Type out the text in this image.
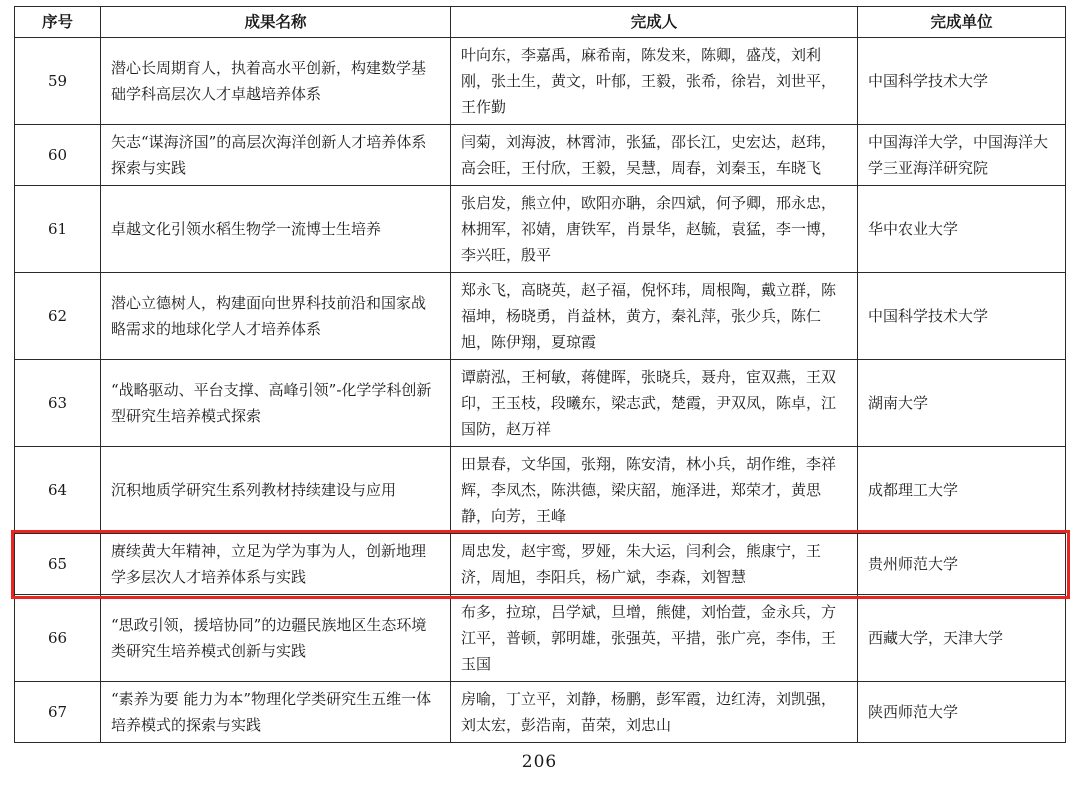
序号	成果名称	完成人	完成单位
59	潜心长周期育人，执着高水平创新，构建数学基础学科高层次人才卓越培养体系	叶向东，李嘉禹，麻希南，陈发来，陈卿，盛茂，刘利刚，张土生，黄文，叶郁，王毅，张希，徐岩，刘世平，王作勤	中国科学技术大学
60	矢志“谋海济国”的高层次海洋创新人才培养体系探索与实践	闫菊，刘海波，林霄沛，张猛，邵长江，史宏达，赵玮，高会旺，王付欣，王毅，吴慧，周春，刘秦玉，车晓飞	中国海洋大学，中国海洋大学三亚海洋研究院
61	卓越文化引领水稻生物学一流博士生培养	张启发，熊立仲，欧阳亦聃，余四斌，何予卿，邢永忠，林拥军，祁婧，唐铁军，肖景华，赵毓，袁猛，李一博，李兴旺，殷平	华中农业大学
62	潜心立德树人，构建面向世界科技前沿和国家战略需求的地球化学人才培养体系	郑永飞，高晓英，赵子福，倪怀玮，周根陶，戴立群，陈福坤，杨晓勇，肖益林，黄方，秦礼萍，张少兵，陈仁旭，陈伊翔，夏琼霞	中国科学技术大学
63	“战略驱动、平台支撑、高峰引领”-化学学科创新型研究生培养模式探索	谭蔚泓，王柯敏，蒋健晖，张晓兵，聂舟，宦双燕，王双印，王玉枝，段曦东，梁志武，楚霞，尹双凤，陈卓，江国防，赵万祥	湖南大学
64	沉积地质学研究生系列教材持续建设与应用	田景春，文华国，张翔，陈安清，林小兵，胡作维，李祥辉，李凤杰，陈洪德，梁庆韶，施泽进，郑荣才，黄思静，向芳，王峰	成都理工大学
65	赓续黄大年精神，立足为学为事为人，创新地理学多层次人才培养体系与实践	周忠发，赵宇鸾，罗娅，朱大运，闫利会，熊康宁，王济，周旭，李阳兵，杨广斌，李森，刘智慧	贵州师范大学
66	“思政引领，援培协同”的边疆民族地区生态环境类研究生培养模式创新与实践	布多，拉琼，吕学斌，旦增，熊健，刘怡萱，金永兵，方江平，普顿，郭明雄，张强英，平措，张广亮，李伟，王玉国	西藏大学，天津大学
67	“素养为要 能力为本”物理化学类研究生五维一体培养模式的探索与实践	房喻，丁立平，刘静，杨鹏，彭军霞，边红涛，刘凯强，刘太宏，彭浩南，苗荣，刘忠山	陕西师范大学
206
